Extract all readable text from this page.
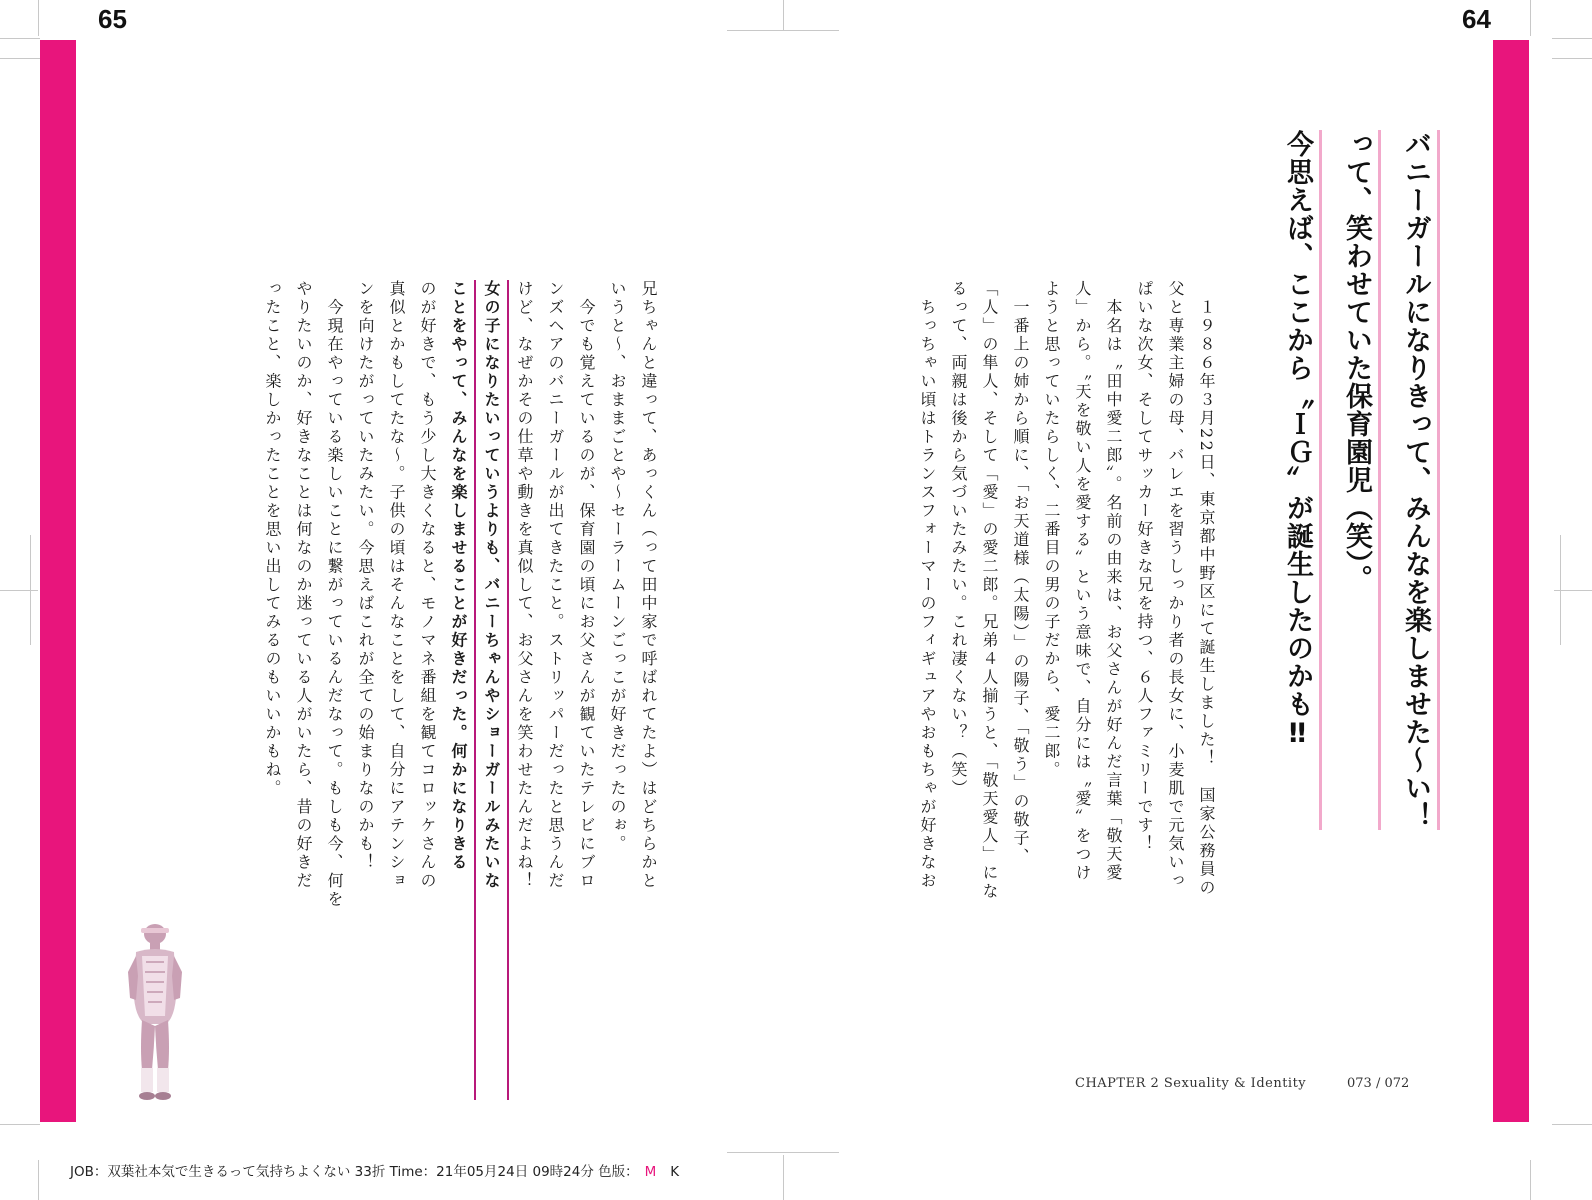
65	64
バニーガールになりきって、みんなを楽しませた〜い！
って、笑わせていた保育園児（笑）。
今思えば、ここから〝ＩＧ〟が誕生したのかも‼
　１９８６年３月22日、東京都中野区にて誕生しました！　国家公務員の
父と専業主婦の母、バレエを習うしっかり者の長女に、小麦肌で元気いっ
ぱいな次女、そしてサッカー好きな兄を持つ、６人ファミリーです！
　本名は〝田中愛二郎〟。名前の由来は、お父さんが好んだ言葉「敬天愛
人」から。〝天を敬い人を愛する〟という意味で、自分には〝愛〟をつけ
ようと思っていたらしく、二番目の男の子だから、愛二郎。
　一番上の姉から順に、「お天道様（太陽）」の陽子、「敬う」の敬子、
「人」の隼人、そして「愛」の愛二郎。兄弟４人揃うと、「敬天愛人」にな
るって、両親は後から気づいたみたい。これ凄くない？（笑）
　ちっちゃい頃はトランスフォーマーのフィギュアやおもちゃが好きなお
兄ちゃんと違って、あっくん（って田中家で呼ばれてたよ）はどちらかと
いうと〜、おままごとや〜セーラームーンごっこが好きだったのぉ。
　今でも覚えているのが、保育園の頃にお父さんが観ていたテレビにブロ
ンズヘアのバニーガールが出てきたこと。ストリッパーだったと思うんだ
けど、なぜかその仕草や動きを真似して、お父さんを笑わせたんだよね！
女の子になりたいっていうよりも、バニーちゃんやショーガールみたいな
ことをやって、みんなを楽しませることが好きだった。何かになりきる
のが好きで、もう少し大きくなると、モノマネ番組を観てコロッケさんの
真似とかもしてたな〜。子供の頃はそんなことをして、自分にアテンショ
ンを向けたがっていたみたい。今思えばこれが全ての始まりなのかも！
　今現在やっている楽しいことに繋がっているんだなって。もしも今、何を
やりたいのか、好きなことは何なのか迷っている人がいたら、昔の好きだ
ったこと、楽しかったことを思い出してみるのもいいかもね。
CHAPTER 2 Sexuality & Identity	073 / 072
JOB：双葉社本気で生きるって気持ちよくない 33折 Time：21年05月24日 09時24分 色版： M K
